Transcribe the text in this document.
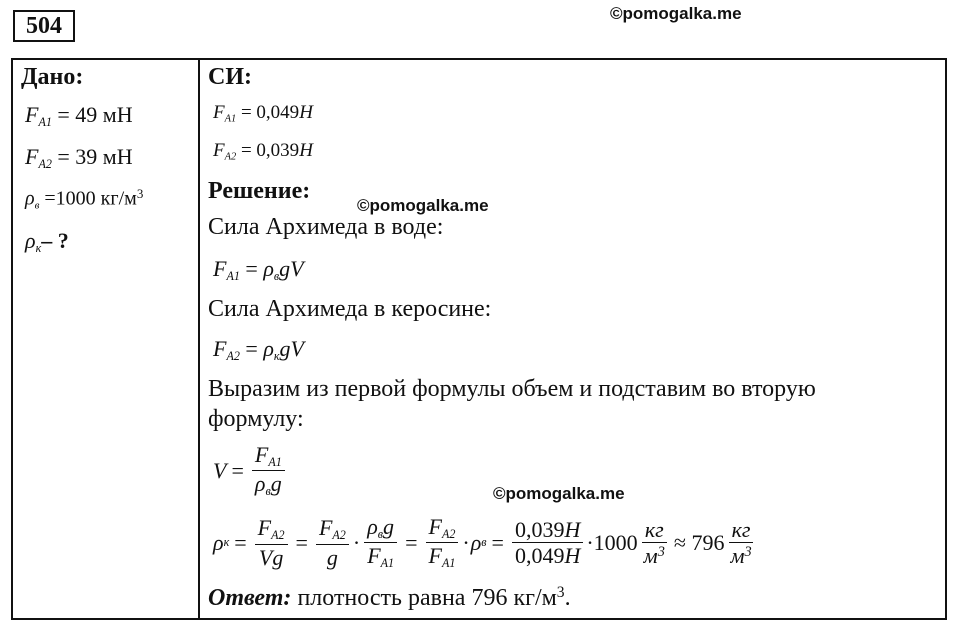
504	©pomogalka.me
Дано:
$F_{A1} = 49$ мН
$F_{A2} = 39$ мН
$\rho_в =1000$ $кг/м^3$
$\rho_к-$ ?
СИ:
$F_{A1} = 0,049H$
$F_{A2} = 0,039H$
Решение:
©pomogalka.me
Сила Архимеда в воде:
$F_{A1} = \rho_вgV$
Сила Архимеда в керосине:
$F_{A2} = \rho_кgV$
Выразим из первой формулы объем и подставим во вторую
формулу:
$V = \frac{F_{A1}}{\rho_вg}$	©pomogalka.me
ρ $к = \frac{F_{A2}}{Vg} = \frac{F_{A2}}{g} \cdot \frac{\rho_вg}{F_{A1}} = \frac{F_{A2}}{F_{A1}} \cdot \rho$ $в = \frac{0,039H}{0,049H} \cdot 1000 \frac{кг}{м^3} \approx 796 \frac{кг}{м^3}$
Ответ: плотность равна 796 $кг/м^3$.
